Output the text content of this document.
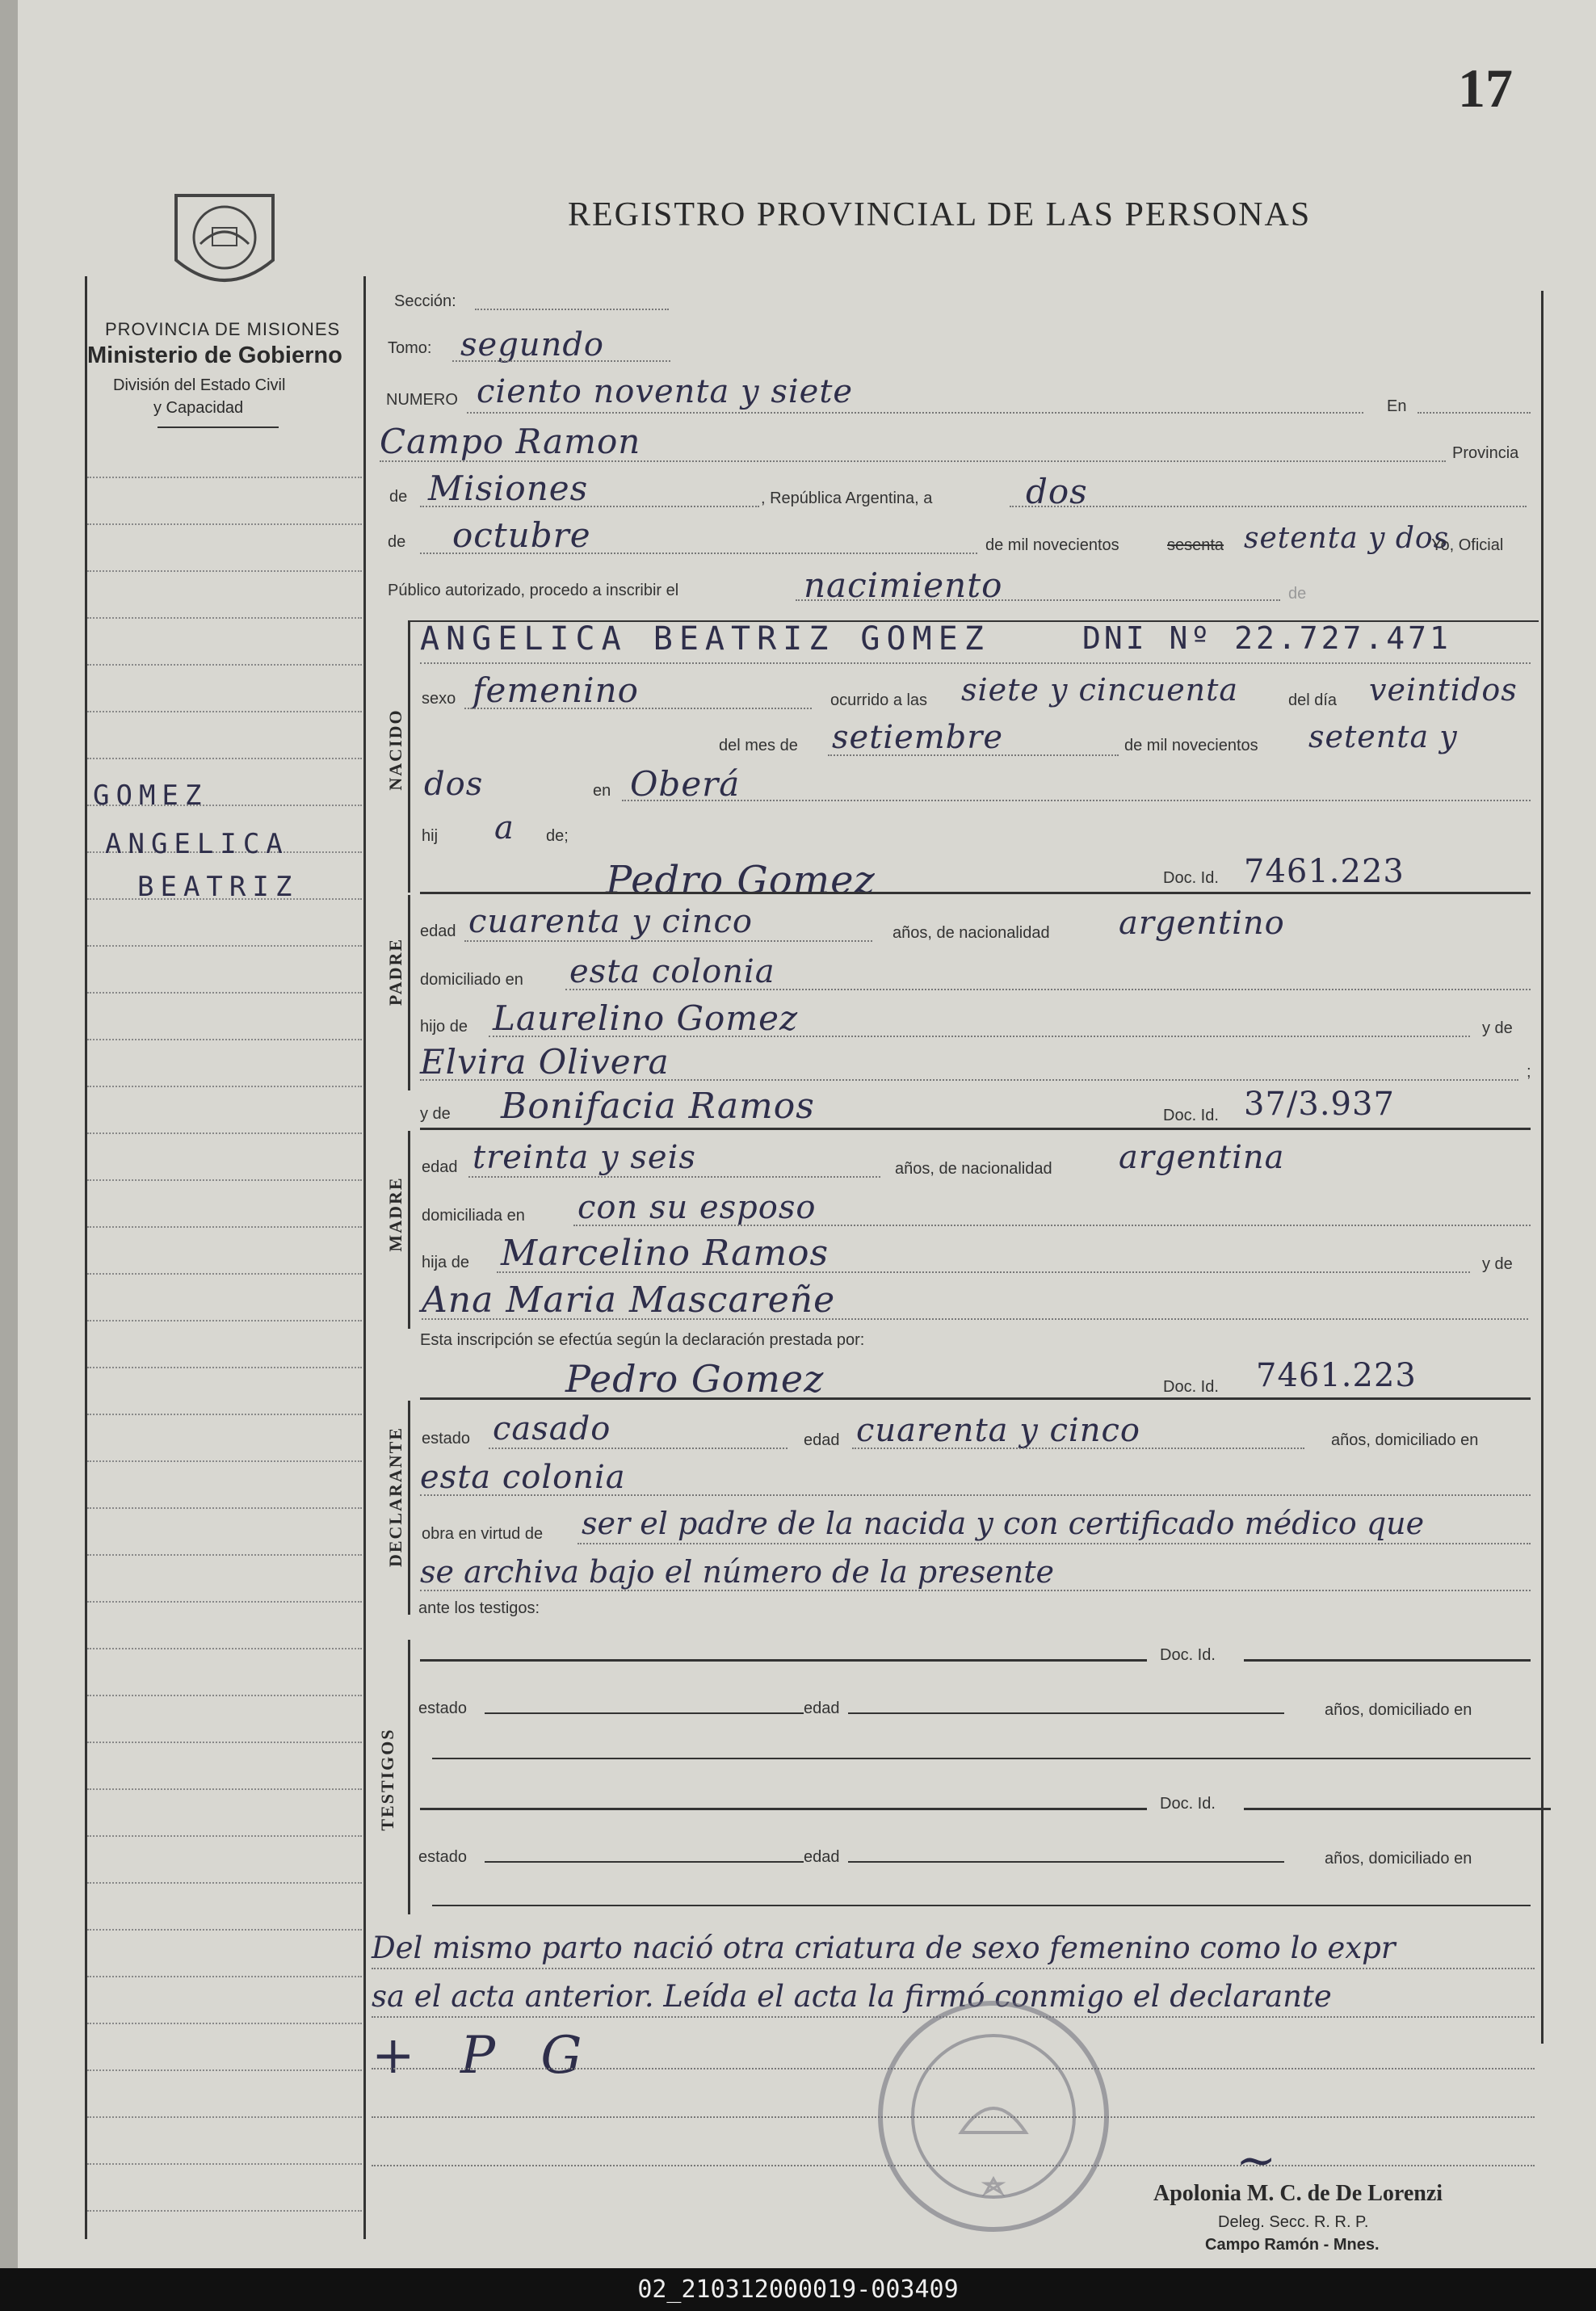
17
REGISTRO PROVINCIAL DE LAS PERSONAS
PROVINCIA DE MISIONES
Ministerio de Gobierno
División del Estado Civil
y Capacidad
GOMEZ
ANGELICA
BEATRIZ
Sección:
Tomo: segundo
NUMERO ciento noventa y siete	En
Campo Ramon	Provincia
de Misiones	, República Argentina, a	dos
de octubre	de mil novecientos	sesenta setenta y dos
Yo, Oficial
Público autorizado, procedo a inscribir el	nacimiento	de
NACIDO
ANGELICA BEATRIZ GOMEZ	DNI Nº 22.727.471
sexo femenino	ocurrido a las siete y cincuenta	del día veintidos
del mes de setiembre	de mil novecientos setenta y
dos	en Oberá
hij a de;
Pedro Gomez	Doc. Id. 7461.223
PADRE
edad cuarenta y cinco	años, de nacionalidad argentino
domiciliado en esta colonia
hijo de Laurelino Gomez	y de
Elvira Olivera	;
y de Bonifacia Ramos	Doc. Id. 37/3.937
MADRE
edad treinta y seis	años, de nacionalidad argentina
domiciliada en con su esposo
hija de Marcelino Ramos	y de
Ana Maria Mascareñe
Esta inscripción se efectúa según la declaración prestada por:
Pedro Gomez	Doc. Id. 7461.223
DECLARANTE estado casado	edad cuarenta y cinco	años, domiciliado en
esta colonia
obra en virtud de ser el padre de la nacida y con certificado médico que
se archiva bajo el número de la presente
ante los testigos:
TESTIGOS
Doc. Id.
estado	edad	años, domiciliado en
Doc. Id.
estado	edad	años, domiciliado en
Del mismo parto nació otra criatura de sexo femenino como lo expr
sa el acta anterior. Leída el acta la firmó conmigo el declarante
+ P G
~
Apolonia M. C. de De Lorenzi
Deleg. Secc. R. R. P.
Campo Ramón - Mnes.
02_210312000019-003409
